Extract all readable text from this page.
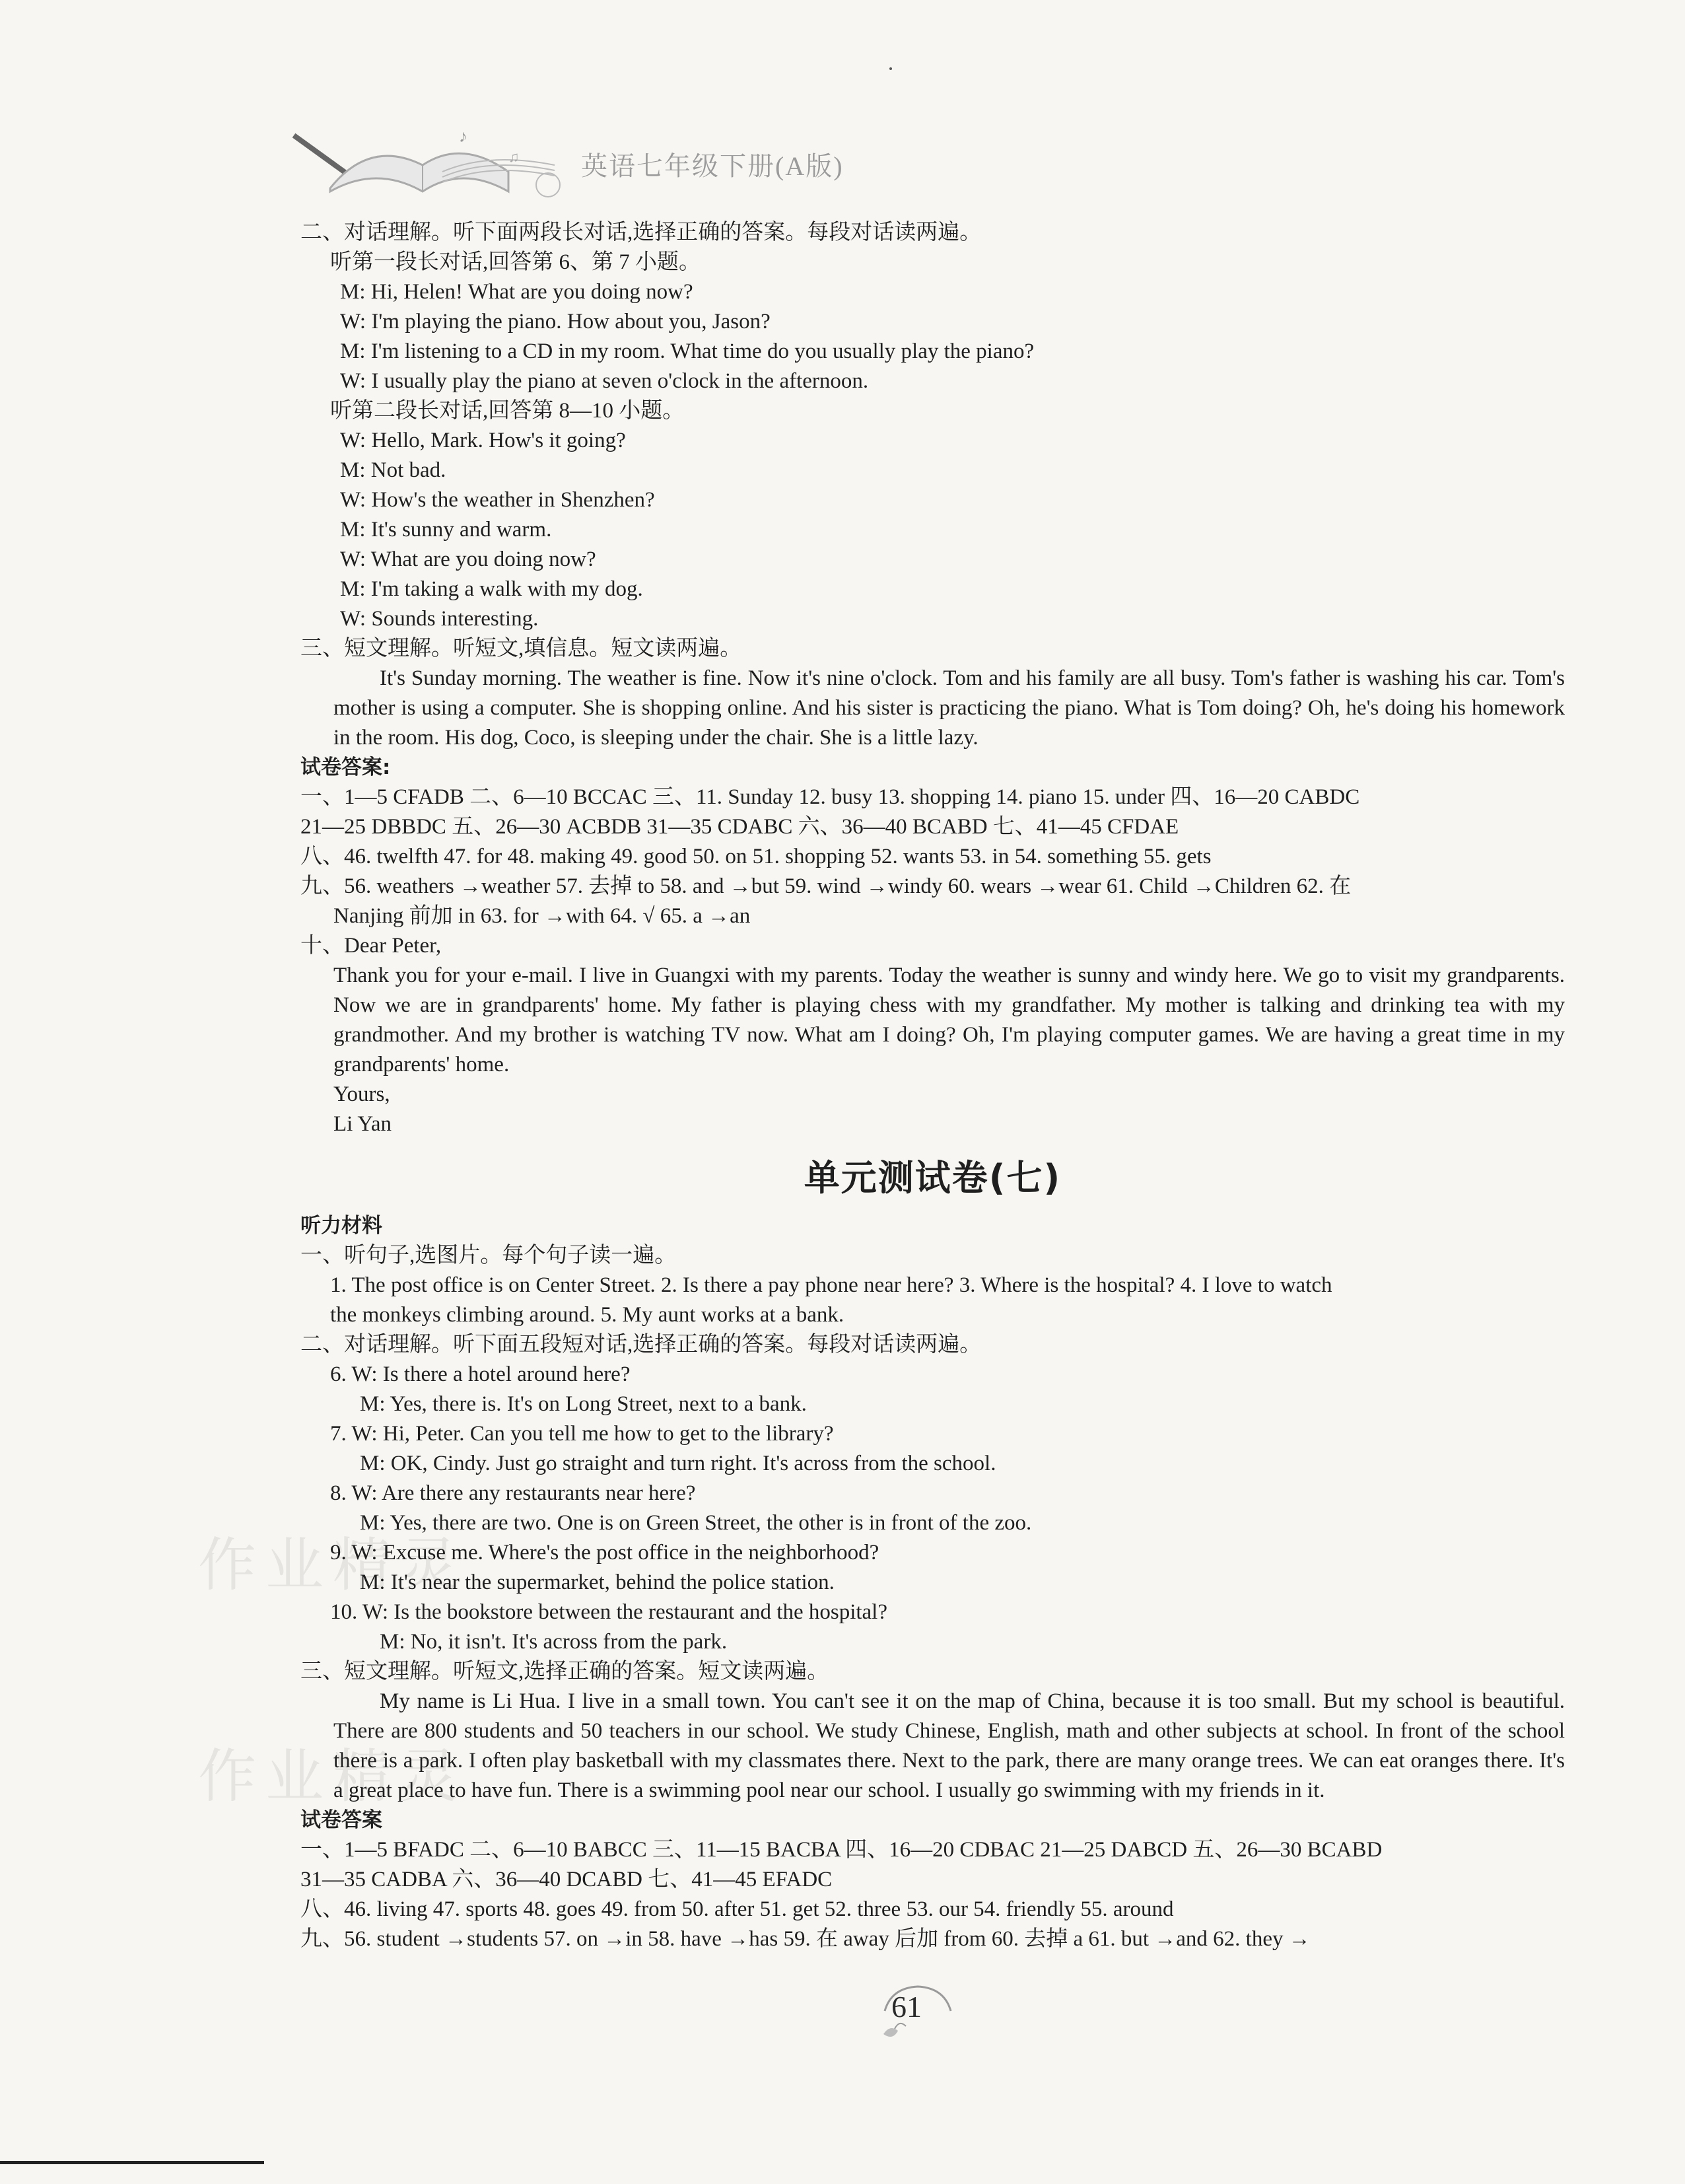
♪
♫ 英语七年级下册(A版)
作业精灵
作业精灵

二、对话理解。听下面两段长对话,选择正确的答案。每段对话读两遍。

听第一段长对话,回答第 6、第 7 小题。

M: Hi, Helen! What are you doing now?

W: I'm playing the piano. How about you, Jason?

M: I'm listening to a CD in my room. What time do you usually play the piano?

W: I usually play the piano at seven o'clock in the afternoon.

听第二段长对话,回答第 8—10 小题。

W: Hello, Mark. How's it going?

M: Not bad.

W: How's the weather in Shenzhen?

M: It's sunny and warm.

W: What are you doing now?

M: I'm taking a walk with my dog.

W: Sounds interesting.

三、短文理解。听短文,填信息。短文读两遍。

It's Sunday morning. The weather is fine. Now it's nine o'clock. Tom and his family are all busy. Tom's father is washing his car. Tom's mother is using a computer. She is shopping online. And his sister is practicing the piano. What is Tom doing? Oh, he's doing his homework in the room. His dog, Coco, is sleeping under the chair. She is a little lazy.

试卷答案:

一、1—5 CFADB 二、6—10 BCCAC 三、11. Sunday 12. busy 13. shopping 14. piano 15. under 四、16—20 CABDC

21—25 DBBDC 五、26—30 ACBDB 31—35 CDABC 六、36—40 BCABD 七、41—45 CFDAE

八、46. twelfth 47. for 48. making 49. good 50. on 51. shopping 52. wants 53. in 54. something 55. gets

九、56. weathers →weather 57. 去掉 to 58. and →but 59. wind →windy 60. wears →wear 61. Child →Children 62. 在

Nanjing 前加 in 63. for →with 64. √ 65. a →an

十、Dear Peter,

Thank you for your e-mail. I live in Guangxi with my parents. Today the weather is sunny and windy here. We go to visit my grandparents. Now we are in grandparents' home. My father is playing chess with my grandfather. My mother is talking and drinking tea with my grandmother. And my brother is watching TV now. What am I doing? Oh, I'm playing computer games. We are having a great time in my grandparents' home.

Yours,

Li Yan

单元测试卷(七)

听力材料

一、听句子,选图片。每个句子读一遍。

1. The post office is on Center Street. 2. Is there a pay phone near here? 3. Where is the hospital? 4. I love to watch

the monkeys climbing around. 5. My aunt works at a bank.

二、对话理解。听下面五段短对话,选择正确的答案。每段对话读两遍。

6. W: Is there a hotel around here?

M: Yes, there is. It's on Long Street, next to a bank.

7. W: Hi, Peter. Can you tell me how to get to the library?

M: OK, Cindy. Just go straight and turn right. It's across from the school.

8. W: Are there any restaurants near here?

M: Yes, there are two. One is on Green Street, the other is in front of the zoo.

9. W: Excuse me. Where's the post office in the neighborhood?

M: It's near the supermarket, behind the police station.

10. W: Is the bookstore between the restaurant and the hospital?

M: No, it isn't. It's across from the park.

三、短文理解。听短文,选择正确的答案。短文读两遍。

My name is Li Hua. I live in a small town. You can't see it on the map of China, because it is too small. But my school is beautiful. There are 800 students and 50 teachers in our school. We study Chinese, English, math and other subjects at school. In front of the school there is a park. I often play basketball with my classmates there. Next to the park, there are many orange trees. We can eat oranges there. It's a great place to have fun. There is a swimming pool near our school. I usually go swimming with my friends in it.

试卷答案

一、1—5 BFADC 二、6—10 BABCC 三、11—15 BACBA 四、16—20 CDBAC 21—25 DABCD 五、26—30 BCABD

31—35 CADBA 六、36—40 DCABD 七、41—45 EFADC

八、46. living 47. sports 48. goes 49. from 50. after 51. get 52. three 53. our 54. friendly 55. around

九、56. student →students 57. on →in 58. have →has 59. 在 away 后加 from 60. 去掉 a 61. but →and 62. they →

61
